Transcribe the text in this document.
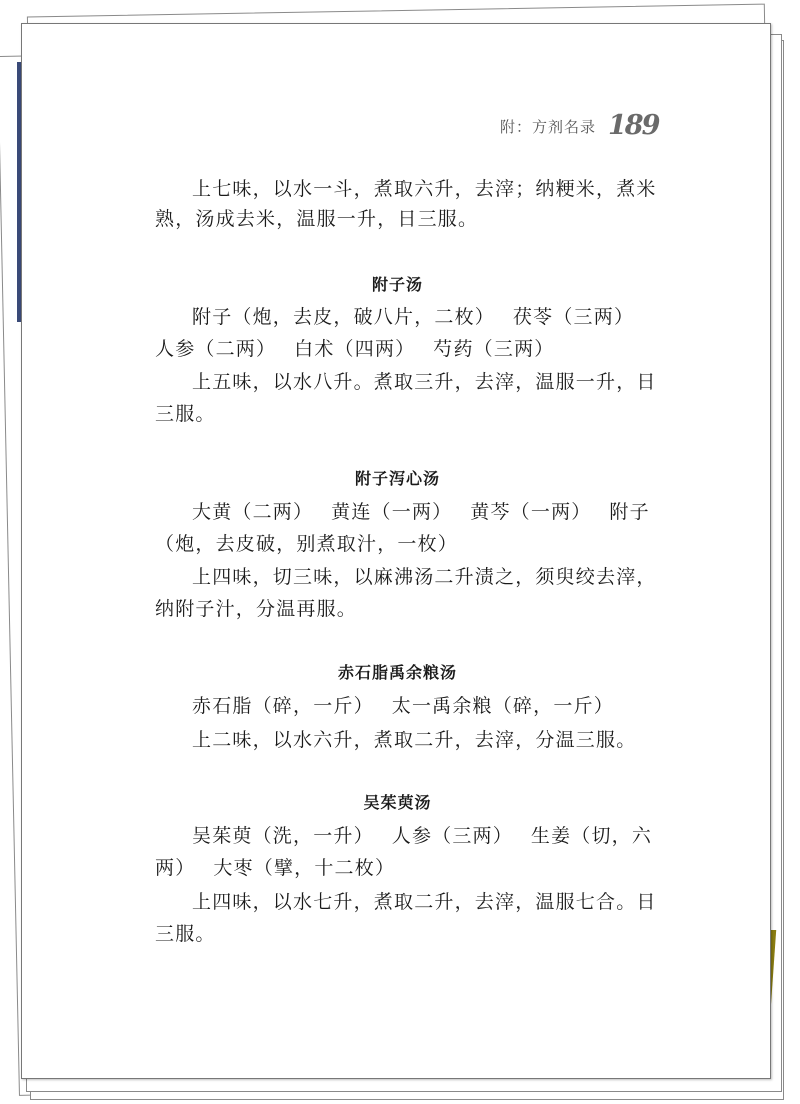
附：方剂名录 189
上七味，以水一斗，煮取六升，去滓；纳粳米，煮米
熟，汤成去米，温服一升，日三服。
附子汤
附子（炮，去皮，破八片，二枚）　 茯苓（三两）
人参（二两）　 白术（四两）　 芍药（三两）
上五味，以水八升。煮取三升，去滓，温服一升，日
三服。
附子泻心汤
大黄（二两）　 黄连（一两）　 黄芩（一两）　 附子
（炮，去皮破，别煮取汁，一枚）
上四味，切三味，以麻沸汤二升渍之，须臾绞去滓，
纳附子汁，分温再服。
赤石脂禹余粮汤
赤石脂（碎，一斤）　 太一禹余粮（碎，一斤）
上二味，以水六升，煮取二升，去滓，分温三服。
吴茱萸汤
吴茱萸（洗，一升）　 人参（三两）　 生姜（切，六
两）　 大枣（擘，十二枚）
上四味，以水七升，煮取二升，去滓，温服七合。日
三服。
